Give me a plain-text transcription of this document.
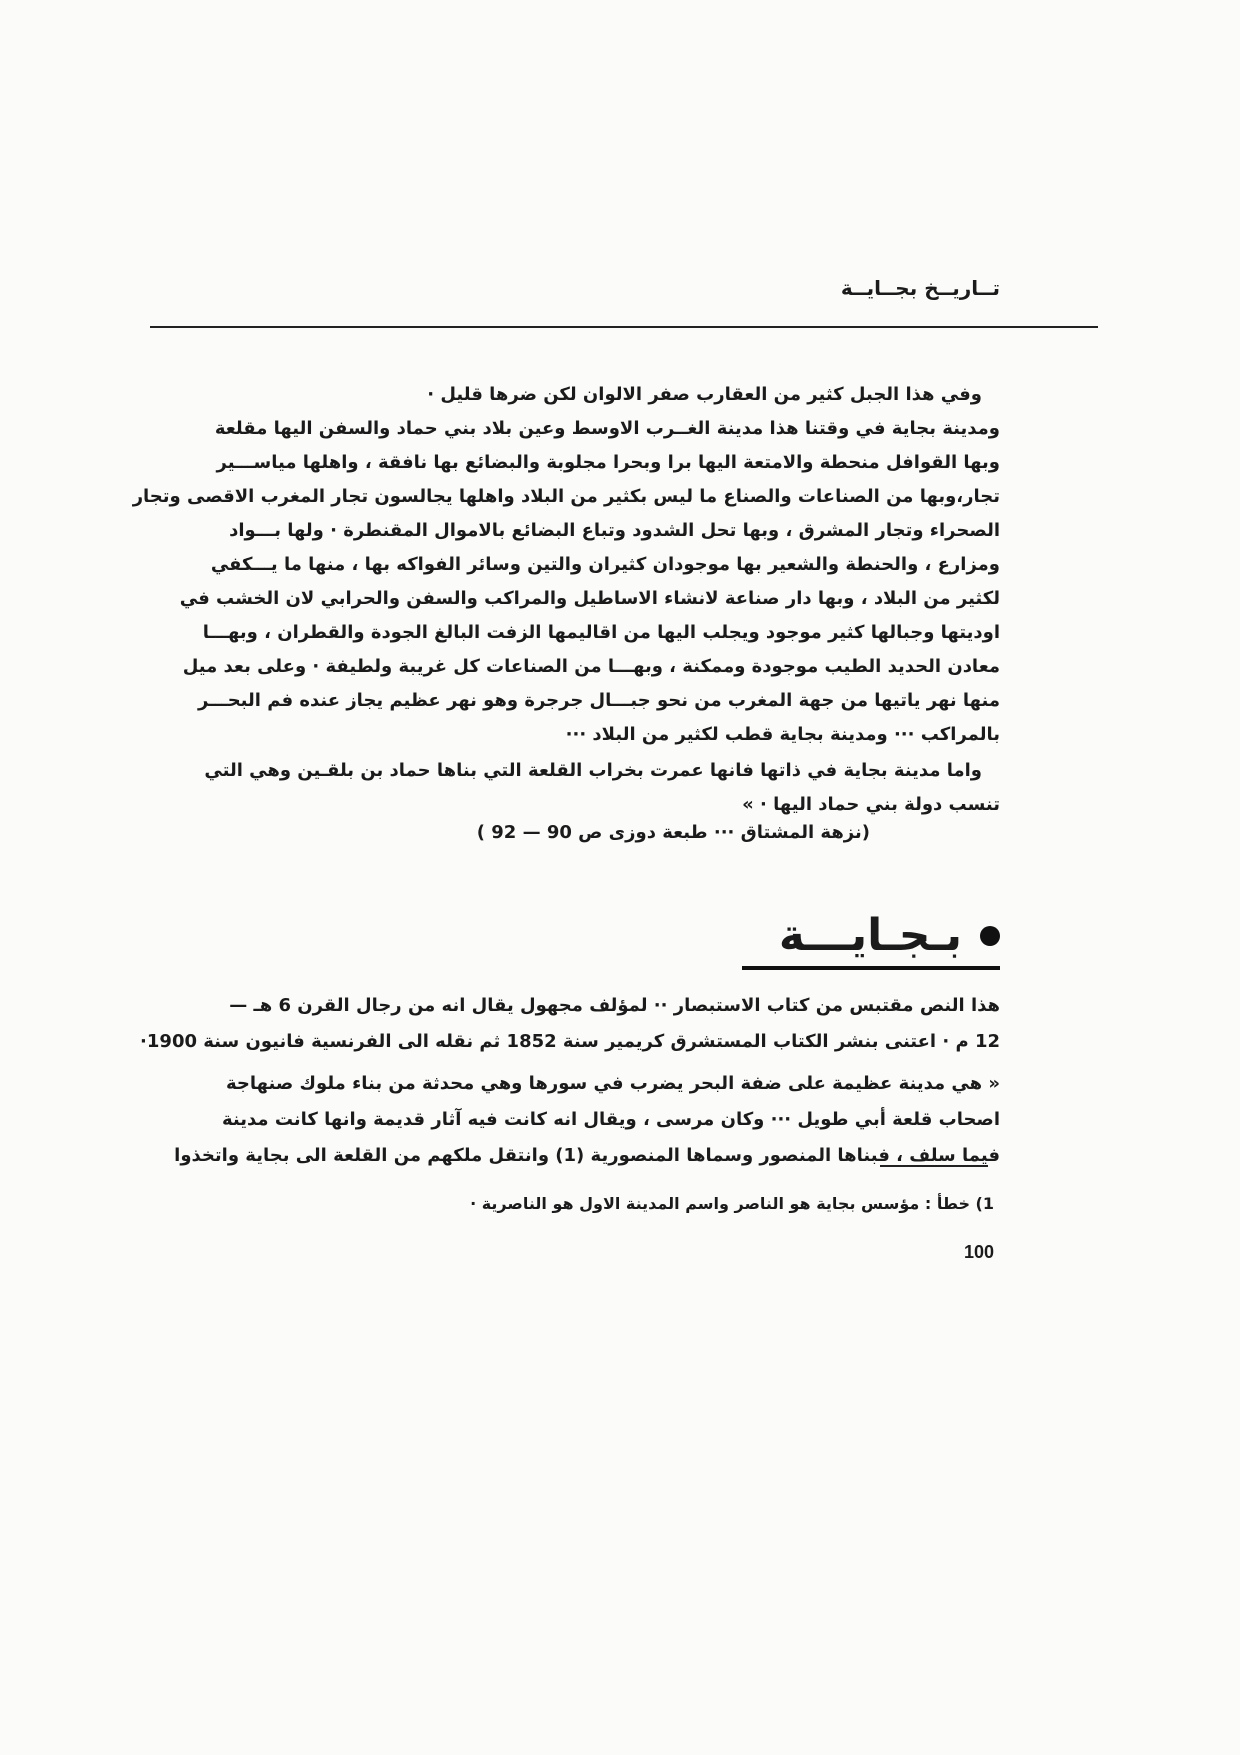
تــاريــخ بجــايــة
وفي هذا الجبل كثير من العقارب صفر الالوان لكن ضرها قليل ·
ومدينة بجاية في وقتنا هذا مدينة الغــرب الاوسط وعين بلاد بني حماد والسفن اليها مقلعة
وبها القوافل منحطة والامتعة اليها برا وبحرا مجلوبة والبضائع بها نافقة ، واهلها مياســـير
تجار،وبها من الصناعات والصناع ما ليس بكثير من البلاد واهلها يجالسون تجار المغرب الاقصى وتجار
الصحراء وتجار المشرق ، وبها تحل الشدود وتباع البضائع بالاموال المقنطرة · ولها بـــواد
ومزارع ، والحنطة والشعير بها موجودان كثيران والتين وسائر الفواكه بها ، منها ما يـــكفي
لكثير من البلاد ، وبها دار صناعة لانشاء الاساطيل والمراكب والسفن والحرابي لان الخشب في
اوديتها وجبالها كثير موجود ويجلب اليها من اقاليمها الزفت البالغ الجودة والقطران ، وبهـــا
معادن الحديد الطيب موجودة وممكنة ، وبهـــا من الصناعات كل غريبة ولطيفة · وعلى بعد ميل
منها نهر ياتيها من جهة المغرب من نحو جبـــال جرجرة وهو نهر عظيم يجاز عنده فم البحـــر
بالمراكب ··· ومدينة بجاية قطب لكثير من البلاد ···
واما مدينة بجاية في ذاتها فانها عمرت بخراب القلعة التي بناها حماد بن بلقـين وهي التي
تنسب دولة بني حماد اليها · »
(نزهة المشتاق ··· طبعة دوزى ص 90 — 92 )
بـجـايـــة
هذا النص مقتبس من كتاب الاستبصار ·· لمؤلف مجهول يقال انه من رجال القرن 6 هـ —
12 م · اعتنى بنشر الكتاب المستشرق كريمير سنة 1852 ثم نقله الى الفرنسية فانيون سنة 1900·
« هي مدينة عظيمة على ضفة البحر يضرب في سورها وهي محدثة من بناء ملوك صنهاجة
اصحاب قلعة أبي طويل ··· وكان مرسى ، ويقال انه كانت فيه آثار قديمة وانها كانت مدينة
فيما سلف ، فبناها المنصور وسماها المنصورية (1) وانتقل ملكهم من القلعة الى بجاية واتخذوا
1) خطأ : مؤسس بجاية هو الناصر واسم المدينة الاول هو الناصرية ·
100
